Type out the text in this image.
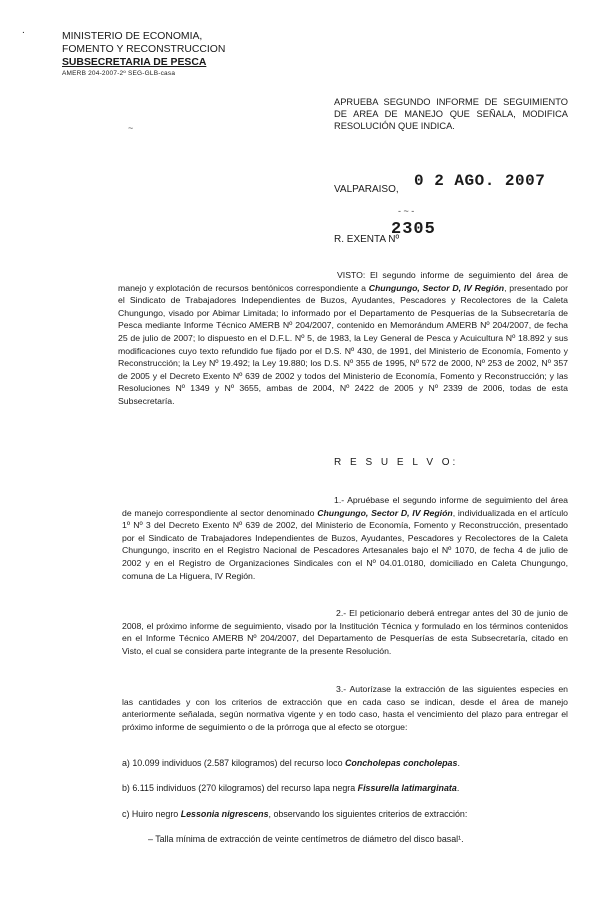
.
MINISTERIO DE ECONOMIA,
FOMENTO Y RECONSTRUCCION
SUBSECRETARIA DE PESCA
AMERB 204-2007-2º SEG-GLB-casa
~
APRUEBA SEGUNDO INFORME DE SEGUIMIENTO DE AREA DE MANEJO QUE SEÑALA, MODIFICA RESOLUCIÓN QUE INDICA.
VALPARAISO, 0 2 AGO. 2007
- ~ -
R. EXENTA Nº
2305
VISTO: El segundo informe de seguimiento del área de manejo y explotación de recursos bentónicos correspondiente a Chungungo, Sector D, IV Región, presentado por el Sindicato de Trabajadores Independientes de Buzos, Ayudantes, Pescadores y Recolectores de la Caleta Chungungo, visado por Abimar Limitada; lo informado por el Departamento de Pesquerías de la Subsecretaría de Pesca mediante Informe Técnico AMERB Nº 204/2007, contenido en Memorándum AMERB Nº 204/2007, de fecha 25 de julio de 2007; lo dispuesto en el D.F.L. Nº 5, de 1983, la Ley General de Pesca y Acuicultura Nº 18.892 y sus modificaciones cuyo texto refundido fue fijado por el D.S. Nº 430, de 1991, del Ministerio de Economía, Fomento y Reconstrucción; la Ley Nº 19.492; la Ley 19.880; los D.S. Nº 355 de 1995, Nº 572 de 2000, Nº 253 de 2002, Nº 357 de 2005 y el Decreto Exento Nº 639 de 2002 y todos del Ministerio de Economía, Fomento y Reconstrucción; y las Resoluciones Nº 1349 y Nº 3655, ambas de 2004, Nº 2422 de 2005 y Nº 2339 de 2006, todas de esta Subsecretaría.
R E S U E L V O:
1.- Apruébase el segundo informe de seguimiento del área de manejo correspondiente al sector denominado Chungungo, Sector D, IV Región, individualizada en el artículo 1º Nº 3 del Decreto Exento Nº 639 de 2002, del Ministerio de Economía, Fomento y Reconstrucción, presentado por el Sindicato de Trabajadores Independientes de Buzos, Ayudantes, Pescadores y Recolectores de la Caleta Chungungo, inscrito en el Registro Nacional de Pescadores Artesanales bajo el Nº 1070, de fecha 4 de julio de 2002 y en el Registro de Organizaciones Sindicales con el Nº 04.01.0180, domiciliado en Caleta Chungungo, comuna de La Higuera, IV Región.
2.- El peticionario deberá entregar antes del 30 de junio de 2008, el próximo informe de seguimiento, visado por la Institución Técnica y formulado en los términos contenidos en el Informe Técnico AMERB Nº 204/2007, del Departamento de Pesquerías de esta Subsecretaría, citado en Visto, el cual se considera parte integrante de la presente Resolución.
3.- Autorízase la extracción de las siguientes especies en las cantidades y con los criterios de extracción que en cada caso se indican, desde el área de manejo anteriormente señalada, según normativa vigente y en todo caso, hasta el vencimiento del plazo para entregar el próximo informe de seguimiento o de la prórroga que al efecto se otorgue:
a) 10.099 individuos (2.587 kilogramos) del recurso loco Concholepas concholepas.
b) 6.115 individuos (270 kilogramos) del recurso lapa negra Fissurella latimarginata.
c) Huiro negro Lessonia nigrescens, observando los siguientes criterios de extracción:
– Talla mínima de extracción de veinte centímetros de diámetro del disco basal¹.
